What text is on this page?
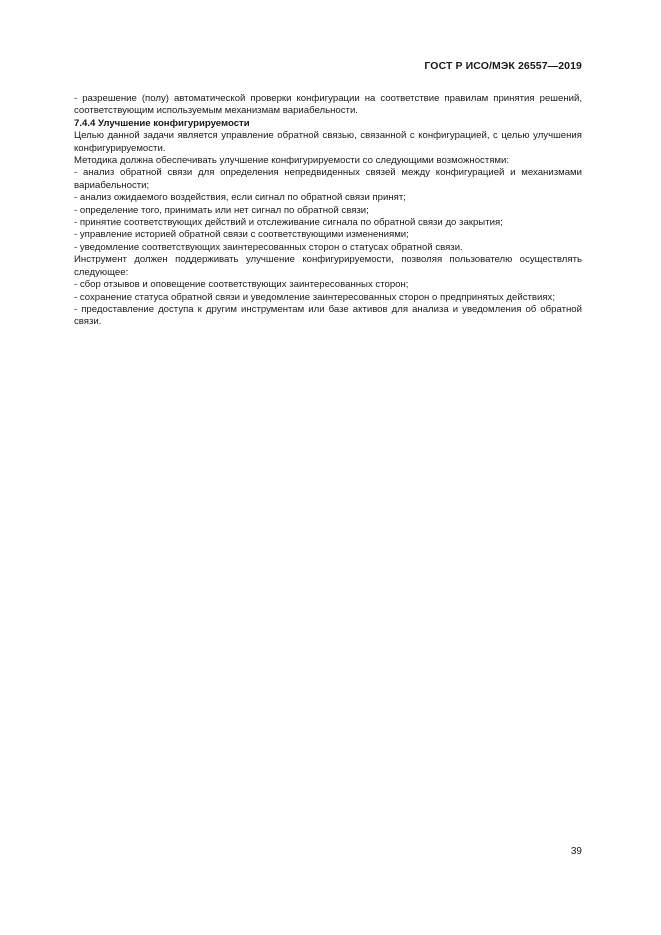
ГОСТ Р ИСО/МЭК 26557—2019

- разрешение (полу) автоматической проверки конфигурации на соответствие правилам принятия решений, соответствующим используемым механизмам вариабельности.

7.4.4 Улучшение конфигурируемости

Целью данной задачи является управление обратной связью, связанной с конфигурацией, с целью улучшения конфигурируемости.

Методика должна обеспечивать улучшение конфигурируемости со следующими возможностями:

- анализ обратной связи для определения непредвиденных связей между конфигурацией и механизмами вариабельности;

- анализ ожидаемого воздействия, если сигнал по обратной связи принят;

- определение того, принимать или нет сигнал по обратной связи;

- принятие соответствующих действий и отслеживание сигнала по обратной связи до закрытия;

- управление историей обратной связи с соответствующими изменениями;

- уведомление соответствующих заинтересованных сторон о статусах обратной связи.

Инструмент должен поддерживать улучшение конфигурируемости, позволяя пользователю осуществлять следующее:

- сбор отзывов и оповещение соответствующих заинтересованных сторон;

- сохранение статуса обратной связи и уведомление заинтересованных сторон о предпринятых действиях;

- предоставление доступа к другим инструментам или базе активов для анализа и уведомления об обратной связи.

39
